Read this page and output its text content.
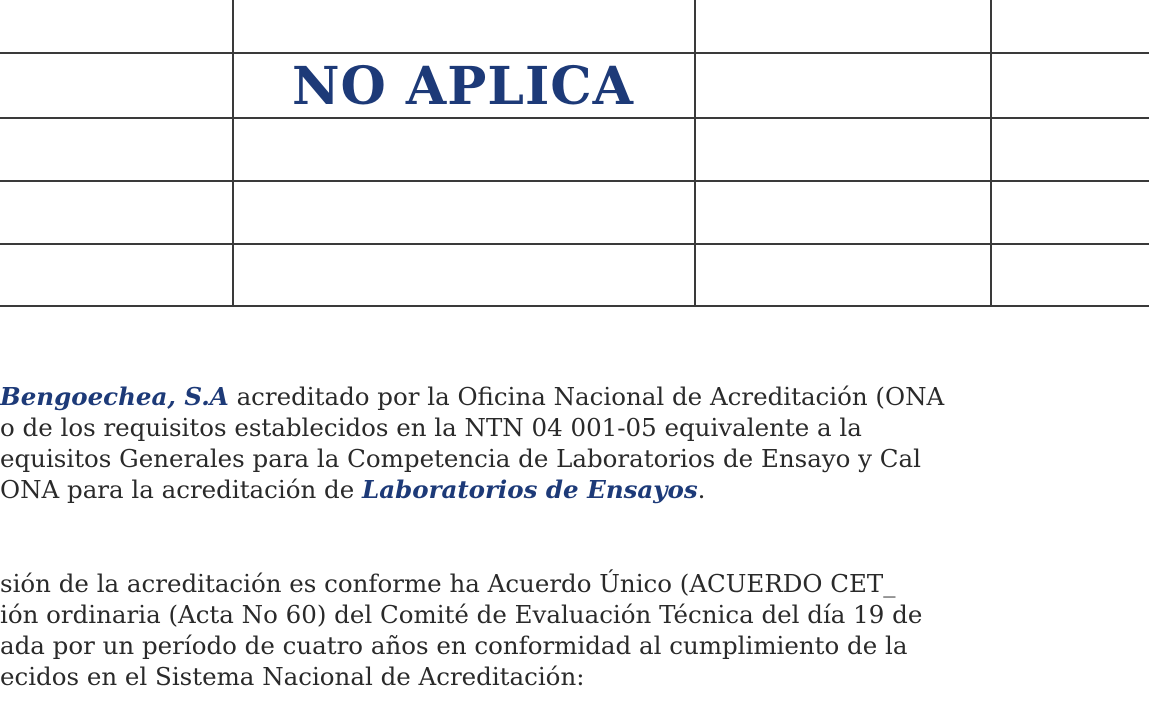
NO APLICA
Bengoechea, S.A acreditado por la Oficina Nacional de Acreditación (ONA
o de los requisitos establecidos en la NTN 04 001-05 equivalente a la
equisitos Generales para la Competencia de Laboratorios de Ensayo y Cal
ONA para la acreditación de Laboratorios de Ensayos.
sión de la acreditación es conforme ha Acuerdo Único (ACUERDO CET_
ión ordinaria (Acta No 60) del Comité de Evaluación Técnica del día 19 de
ada por un período de cuatro años en conformidad al cumplimiento de la
ecidos en el Sistema Nacional de Acreditación:
